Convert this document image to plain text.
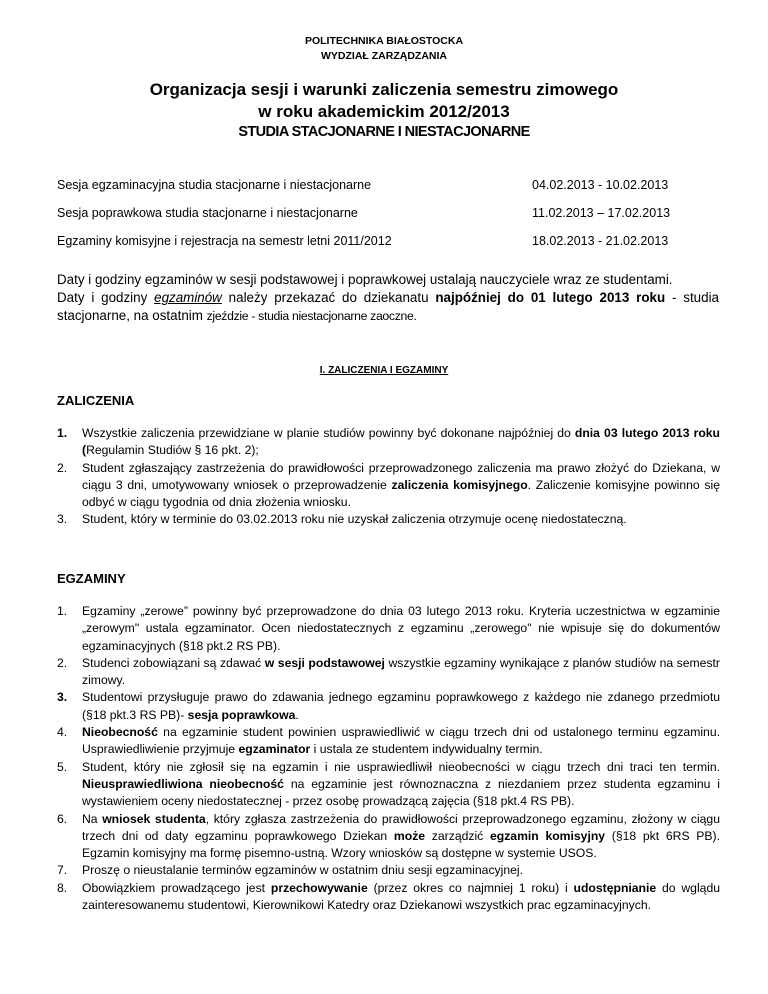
POLITECHNIKA BIAŁOSTOCKA
WYDZIAŁ ZARZĄDZANIA
Organizacja sesji i warunki zaliczenia semestru zimowego
w roku akademickim 2012/2013
STUDIA STACJONARNE I NIESTACJONARNE
Sesja egzaminacyjna studia stacjonarne i niestacjonarne	04.02.2013 - 10.02.2013
Sesja poprawkowa studia stacjonarne i niestacjonarne	11.02.2013 – 17.02.2013
Egzaminy komisyjne i rejestracja na semestr letni 2011/2012	18.02.2013 - 21.02.2013

Daty i godziny egzaminów w sesji podstawowej i poprawkowej ustalają nauczyciele wraz ze studentami.

Daty i godziny egzaminów należy przekazać do dziekanatu najpóźniej do 01 lutego 2013 roku - studia stacjonarne, na ostatnim zjeździe - studia niestacjonarne zaoczne.

I. ZALICZENIA I EGZAMINY
ZALICZENIA
1. Wszystkie zaliczenia przewidziane w planie studiów powinny być dokonane najpóźniej do dnia 03 lutego 2013 roku (Regulamin Studiów § 16 pkt. 2);
2. Student zgłaszający zastrzeżenia do prawidłowości przeprowadzonego zaliczenia ma prawo złożyć do Dziekana, w ciągu 3 dni, umotywowany wniosek o przeprowadzenie zaliczenia komisyjnego. Zaliczenie komisyjne powinno się odbyć w ciągu tygodnia od dnia złożenia wniosku.
3. Student, który w terminie do 03.02.2013 roku nie uzyskał zaliczenia otrzymuje ocenę niedostateczną.
EGZAMINY
1. Egzaminy „zerowe” powinny być przeprowadzone do dnia 03 lutego 2013 roku. Kryteria uczestnictwa w egzaminie „zerowym" ustala egzaminator. Ocen niedostatecznych z egzaminu „zerowego" nie wpisuje się do dokumentów egzaminacyjnych (§18 pkt.2 RS PB).
2. Studenci zobowiązani są zdawać w sesji podstawowej wszystkie egzaminy wynikające z planów studiów na semestr zimowy.
3. Studentowi przysługuje prawo do zdawania jednego egzaminu poprawkowego z każdego nie zdanego przedmiotu (§18 pkt.3 RS PB)- sesja poprawkowa.
4. Nieobecność na egzaminie student powinien usprawiedliwić w ciągu trzech dni od ustalonego terminu egzaminu. Usprawiedliwienie przyjmuje egzaminator i ustala ze studentem indywidualny termin.
5. Student, który nie zgłosił się na egzamin i nie usprawiedliwił nieobecności w ciągu trzech dni traci ten termin. Nieusprawiedliwiona nieobecność na egzaminie jest równoznaczna z niezdaniem przez studenta egzaminu i wystawieniem oceny niedostatecznej - przez osobę prowadzącą zajęcia (§18 pkt.4 RS PB).
6. Na wniosek studenta, który zgłasza zastrzeżenia do prawidłowości przeprowadzonego egzaminu, złożony w ciągu trzech dni od daty egzaminu poprawkowego Dziekan może zarządzić egzamin komisyjny (§18 pkt 6RS PB). Egzamin komisyjny ma formę pisemno-ustną. Wzory wniosków są dostępne w systemie USOS.
7. Proszę o nieustalanie terminów egzaminów w ostatnim dniu sesji egzaminacyjnej.
8. Obowiązkiem prowadzącego jest przechowywanie (przez okres co najmniej 1 roku) i udostępnianie do wglądu zainteresowanemu studentowi, Kierownikowi Katedry oraz Dziekanowi wszystkich prac egzaminacyjnych.
